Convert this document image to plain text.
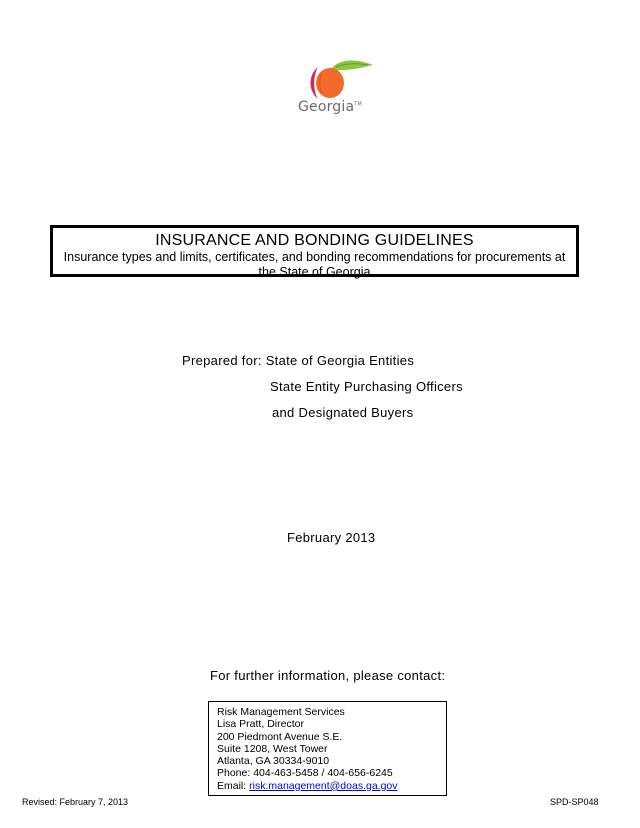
Georgia™
INSURANCE AND BONDING GUIDELINES
Insurance types and limits, certificates, and bonding recommendations for procurements at the State of Georgia
Prepared for: State of Georgia Entities
State Entity Purchasing Officers
and Designated Buyers
February 2013
For further information, please contact:
Risk Management Services
Lisa Pratt, Director
200 Piedmont Avenue S.E.
Suite 1208, West Tower
Atlanta, GA 30334-9010
Phone: 404-463-5458 / 404-656-6245
Email: risk.management@doas.ga.gov
Revised: February 7, 2013	SPD-SP048
